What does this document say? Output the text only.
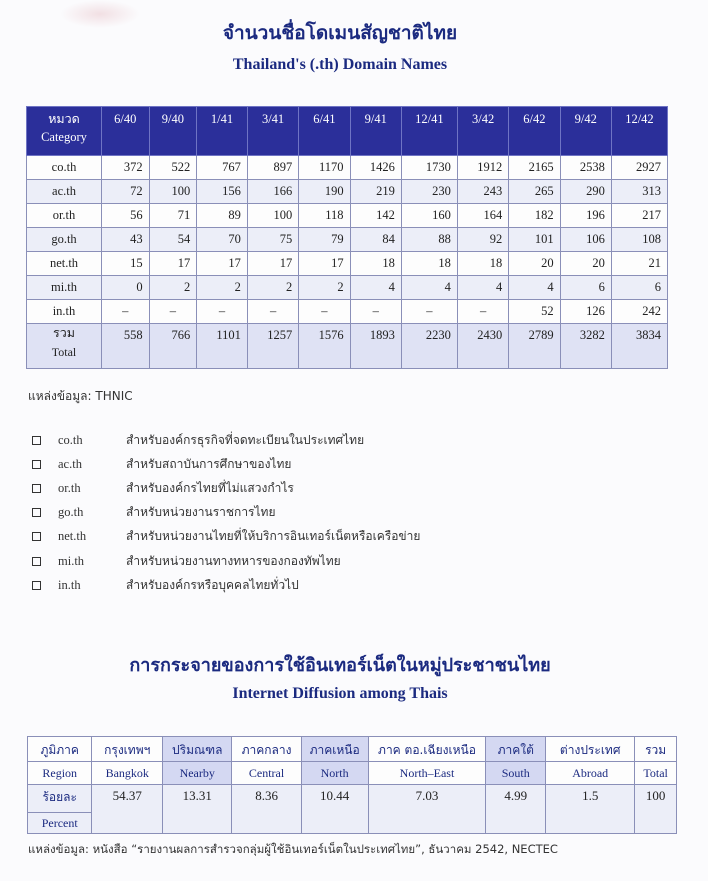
จำนวนชื่อโดเมนสัญชาติไทย
Thailand's (.th) Domain Names
หมวด
Category	6/40	9/40	1/41	3/41	6/41	9/41	12/41	3/42	6/42	9/42	12/42
co.th	372	522	767	897	1170	1426	1730	1912	2165	2538	2927
ac.th	72	100	156	166	190	219	230	243	265	290	313
or.th	56	71	89	100	118	142	160	164	182	196	217
go.th	43	54	70	75	79	84	88	92	101	106	108
net.th	15	17	17	17	17	18	18	18	20	20	21
mi.th	0	2	2	2	2	4	4	4	4	6	6
in.th	–	–	–	–	–	–	–	–	52	126	242

รวม
Total	558	766	1101	1257	1576	1893	2230	2430	2789	3282	3834
แหล่งข้อมูล: THNIC
co.th	สำหรับองค์กรธุรกิจที่จดทะเบียนในประเทศไทย
ac.th	สำหรับสถาบันการศึกษาของไทย
or.th	สำหรับองค์กรไทยที่ไม่แสวงกำไร
go.th	สำหรับหน่วยงานราชการไทย
net.th	สำหรับหน่วยงานไทยที่ให้บริการอินเทอร์เน็ตหรือเครือข่าย
mi.th	สำหรับหน่วยงานทางทหารของกองทัพไทย
in.th	สำหรับองค์กรหรือบุคคลไทยทั่วไป
การกระจายของการใช้อินเทอร์เน็ตในหมู่ประชาชนไทย
Internet Diffusion among Thais
ภูมิภาค	กรุงเทพฯ	ปริมณฑล	ภาคกลาง	ภาคเหนือ	ภาค ตอ.เฉียงเหนือ	ภาคใต้	ต่างประเทศ	รวม
Region	Bangkok	Nearby	Central	North	North–East	South	Abroad	Total
ร้อยละ	54.37	13.31	8.36	10.44	7.03	4.99	1.5	100
Percent								
แหล่งข้อมูล: หนังสือ “รายงานผลการสำรวจกลุ่มผู้ใช้อินเทอร์เน็ตในประเทศไทย”, ธันวาคม 2542, NECTEC
